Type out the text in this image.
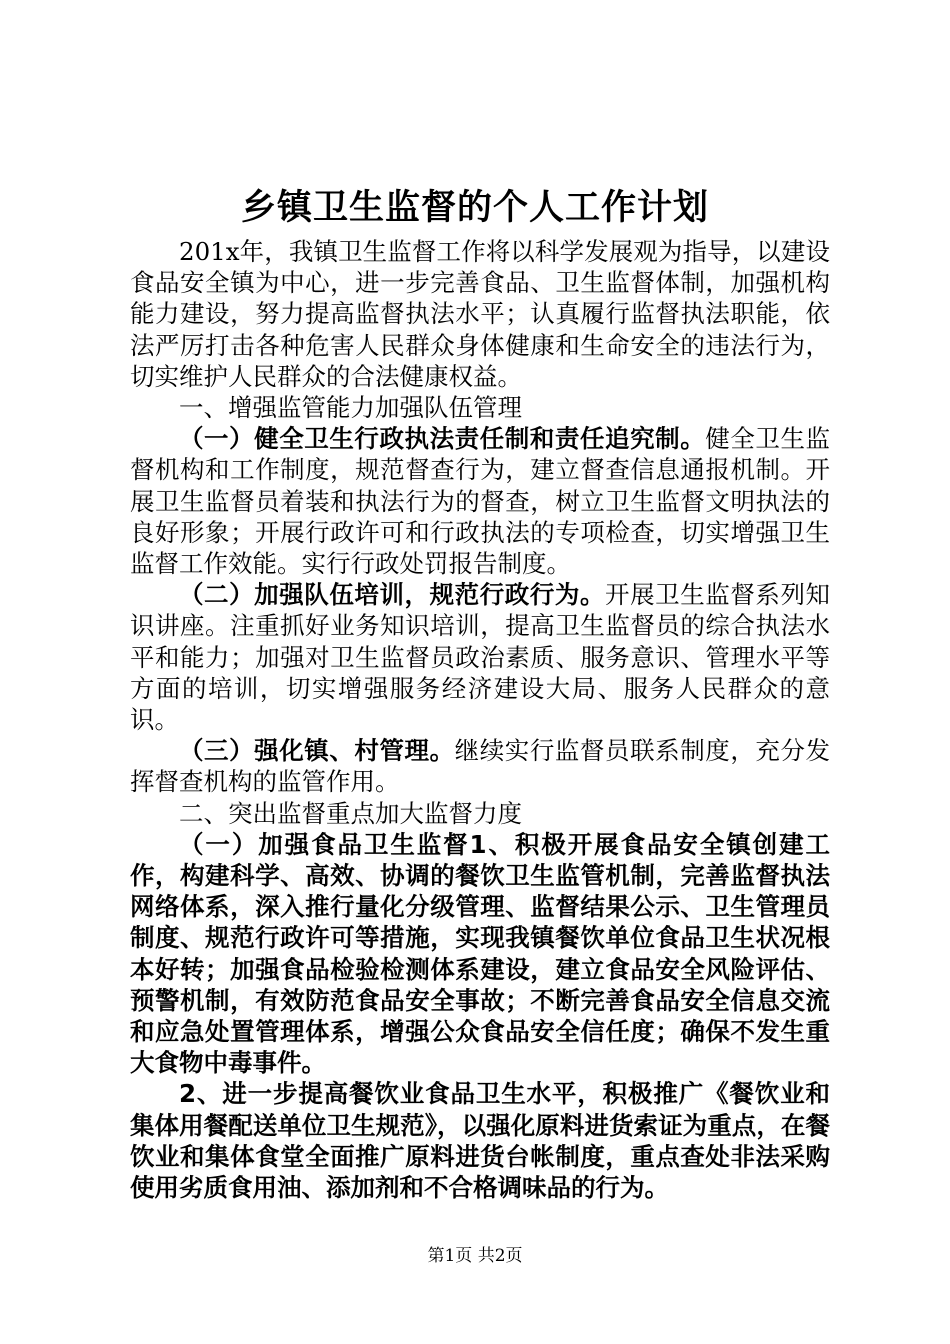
乡镇卫生监督的个人工作计划

201x年，我镇卫生监督工作将以科学发展观为指导，以建设食品安全镇为中心，进一步完善食品、卫生监督体制，加强机构能力建设，努力提高监督执法水平；认真履行监督执法职能，依法严厉打击各种危害人民群众身体健康和生命安全的违法行为，切实维护人民群众的合法健康权益。

一、增强监管能力加强队伍管理

（一）健全卫生行政执法责任制和责任追究制。健全卫生监督机构和工作制度，规范督查行为，建立督查信息通报机制。开展卫生监督员着装和执法行为的督查，树立卫生监督文明执法的良好形象；开展行政许可和行政执法的专项检查，切实增强卫生监督工作效能。实行行政处罚报告制度。

（二）加强队伍培训，规范行政行为。开展卫生监督系列知识讲座。注重抓好业务知识培训，提高卫生监督员的综合执法水平和能力；加强对卫生监督员政治素质、服务意识、管理水平等方面的培训，切实增强服务经济建设大局、服务人民群众的意识。

（三）强化镇、村管理。继续实行监督员联系制度，充分发挥督查机构的监管作用。

二、突出监督重点加大监督力度

（一）加强食品卫生监督1、积极开展食品安全镇创建工作，构建科学、高效、协调的餐饮卫生监管机制，完善监督执法网络体系，深入推行量化分级管理、监督结果公示、卫生管理员制度、规范行政许可等措施，实现我镇餐饮单位食品卫生状况根本好转；加强食品检验检测体系建设，建立食品安全风险评估、预警机制，有效防范食品安全事故；不断完善食品安全信息交流和应急处置管理体系，增强公众食品安全信任度；确保不发生重大食物中毒事件。

2、进一步提高餐饮业食品卫生水平，积极推广《餐饮业和集体用餐配送单位卫生规范》，以强化原料进货索证为重点，在餐饮业和集体食堂全面推广原料进货台帐制度，重点查处非法采购使用劣质食用油、添加剂和不合格调味品的行为。

第1页 共2页
